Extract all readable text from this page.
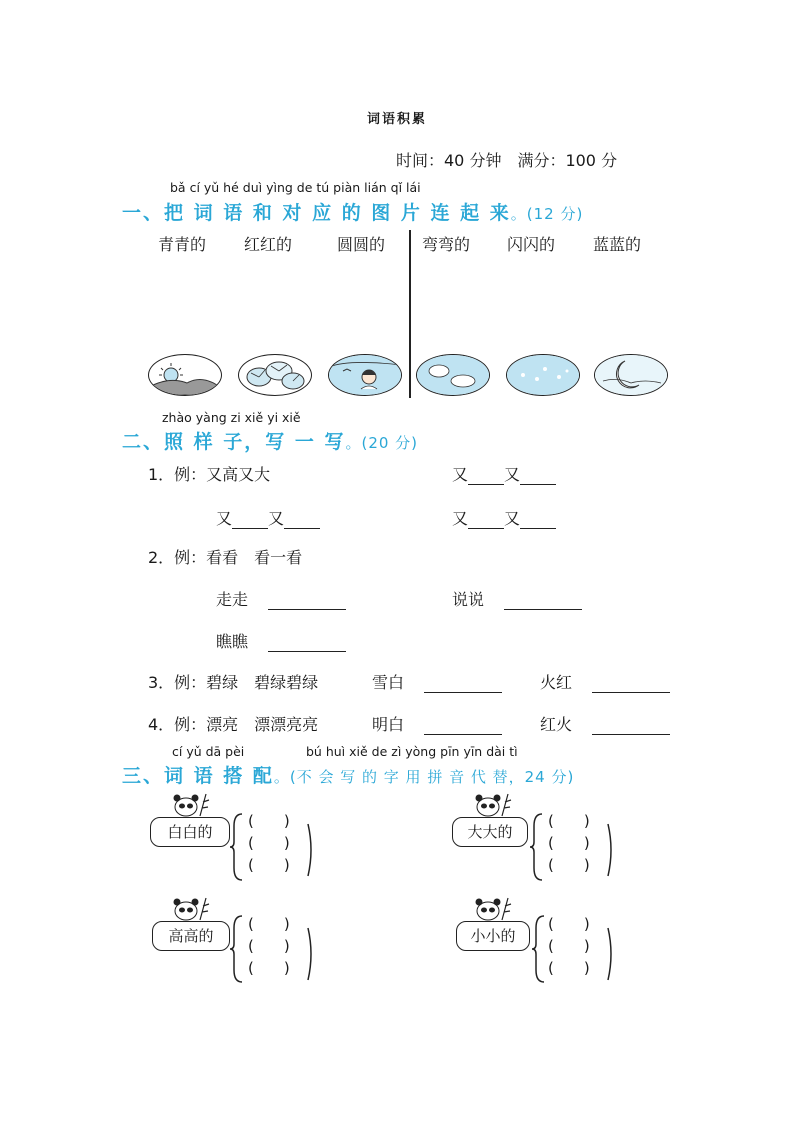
词语积累
时间：40 分钟　满分：100 分
bǎ cí yǔ hé duì yìng de tú piàn lián qǐ lái
一、把 词 语 和 对 应 的 图 片 连 起 来。(12 分)
青青的 红红的	圆圆的 弯弯的 闪闪的 蓝蓝的
zhào yàng zi xiě yi xiě
二、照 样 子，写 一 写。(20 分)
1．例：又高又大	又 又
又 又	又 又
2．例：看看　看一看
走走	说说
瞧瞧
3．例：碧绿　碧绿碧绿	雪白	火红
4．例：漂亮　漂漂亮亮	明白	红火
cí yǔ dā pèi	bú huì xiě de zì yòng pīn yīn dài tì
三、词 语 搭 配。(不 会 写 的 字 用 拼 音 代 替，24 分)
白白的
(　　)
(　　)
(　　)
大大的
(　　)
(　　)
(　　)
高高的
(　　)
(　　)
(　　)
小小的
(　　)
(　　)
(　　)
